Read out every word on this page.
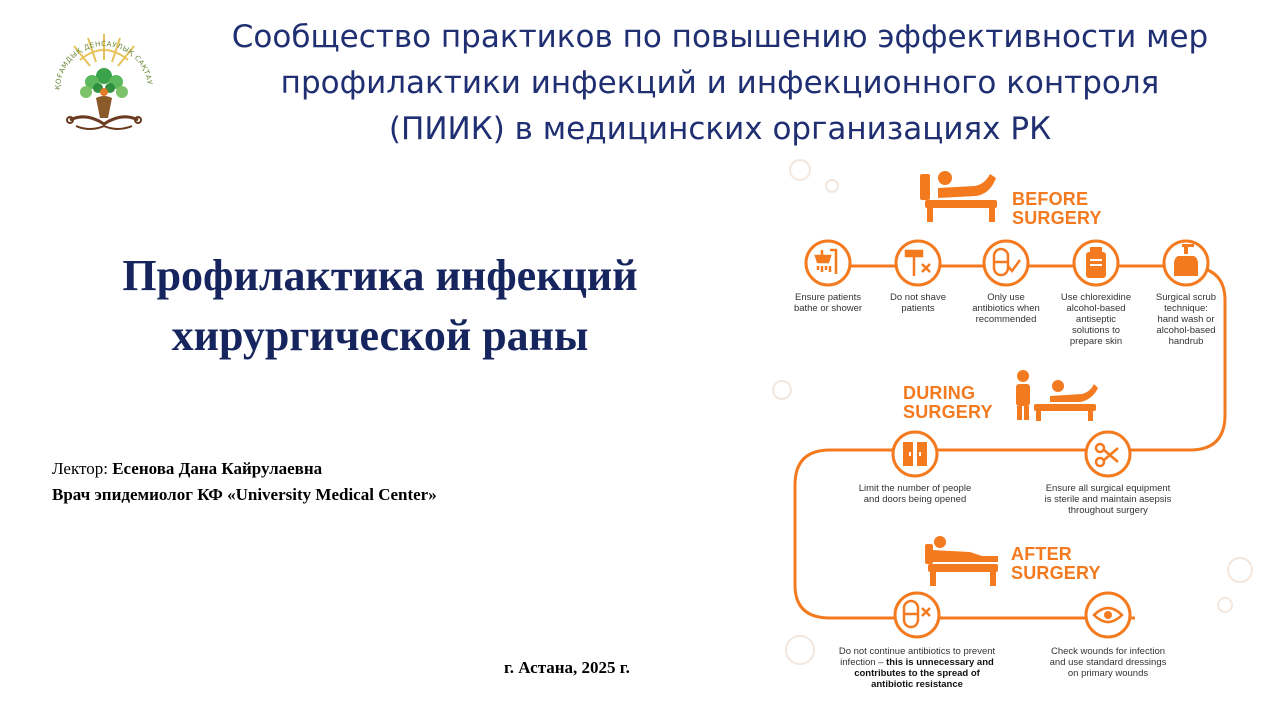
ҚОҒАМДЫҚ ДЕНСАУЛЫҚ САҚТАУ
Сообщество практиков по повышению эффективности мер
профилактики инфекций и инфекционного контроля
(ПИИК) в медицинских организациях РК
Профилактика инфекций
хирургической раны
Лектор: Есенова Дана Кайрулаевна
Врач эпидемиолог КФ «University Medical Center»
г. Астана, 2025 г.
BEFORE
SURGERY
DURING
SURGERY
AFTER
SURGERY
Ensure patients
bathe or shower
Do not shave
patients
Only use
antibiotics when
recommended
Use chlorexidine
alcohol-based
antiseptic
solutions to
prepare skin
Surgical scrub
technique:
hand wash or
alcohol-based
handrub
Limit the number of people
and doors being opened
Ensure all surgical equipment
is sterile and maintain asepsis
throughout surgery
Do not continue antibiotics to prevent
infection – this is unnecessary and
contributes to the spread of
antibiotic resistance
Check wounds for infection
and use standard dressings
on primary wounds
